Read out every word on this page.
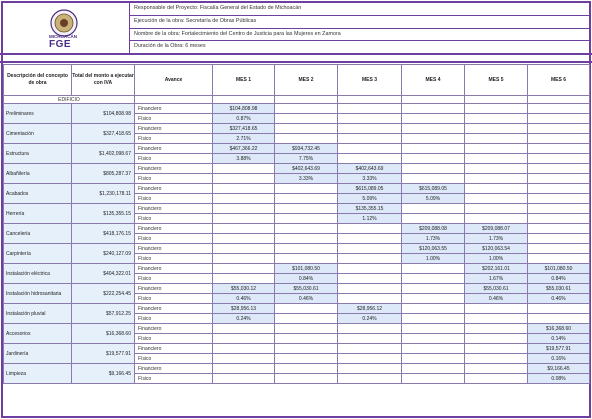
MICHOACÁN
FGE
Responsable del Proyecto: Fiscalía General del Estado de Michoacán
Ejecución de la obra: Secretaría de Obras Públicas
Nombre de la obra: Fortalecimiento del Centro de Justicia para las Mujeres en Zamora
Duración de la Obra: 6 meses
Descripción del concepto de obra	Total del monto a ejecutar con IVA	Avance	MES 1	MES 2	MES 3	MES 4	MES 5	MES 6
EDIFICIO								
Preliminares	$104,808.98	Financiero	$104,808.98					
		Físico	0.87%					
Cimentación	$327,418.65	Financiero	$327,418.65					
		Físico	2.71%					
Estructura	$1,402,098.67	Financiero	$467,366.22	$934,732.45				
		Físico	3.88%	7.75%				
Albañilería	$805,287.37	Financiero		$402,643.69	$402,643.69			
		Físico		3.33%	3.33%			
Acabados	$1,230,178.11	Financiero			$615,089.05	$615,089.05		
		Físico			5.09%	5.09%		
Herrería	$135,355.15	Financiero			$135,355.15			
		Físico			1.12%			
Cancelería	$418,176.15	Financiero				$209,088.08	$209,088.07	
		Físico				1.73%	1.73%	
Carpintería	$240,127.09	Financiero				$120,063.55	$120,063.54	
		Físico				1.00%	1.00%	
Instalación eléctrica	$404,322.01	Financiero		$101,080.50			$202,161.01	$101,080.50
		Físico		0.84%			1.67%	0.84%
Instalación hidrosanitaria	$222,254.45	Financiero	$55,030.12	$55,030.61			$55,030.61	$55,030.61
		Físico	0.46%	0.46%			0.46%	0.46%
Instalación pluvial	$57,912.25	Financiero	$28,956.13		$28,956.12			
		Físico	0.24%		0.24%			
Accesorios	$16,368.60	Financiero						$16,368.60
		Físico						0.14%
Jardinería	$19,577.91	Financiero						$19,577.91
		Físico						0.16%
Limpieza	$9,166.45	Financiero						$9,166.45
		Físico						0.08%
